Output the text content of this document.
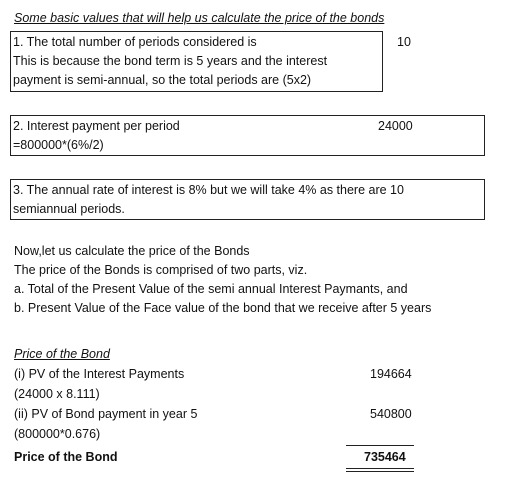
Some basic values that will help us calculate the price of the bonds
1. The total number of periods considered is	10
This is because the bond term is 5 years and the interest
payment is semi-annual, so the total periods are (5x2)
2. Interest payment per period	24000
=800000*(6%/2)
3. The annual rate of interest is 8% but we will take 4% as there are 10
semiannual periods.
Now,let us calculate the price of the Bonds
The price of the Bonds is comprised of two parts, viz.
a. Total of the Present Value of the semi annual Interest Paymants, and
b. Present Value of the Face value of the bond that we receive after 5 years
Price of the Bond
(i) PV of the Interest Payments	194664
(24000 x 8.111)
(ii) PV of Bond payment in year 5	540800
(800000*0.676)
Price of the Bond	735464
